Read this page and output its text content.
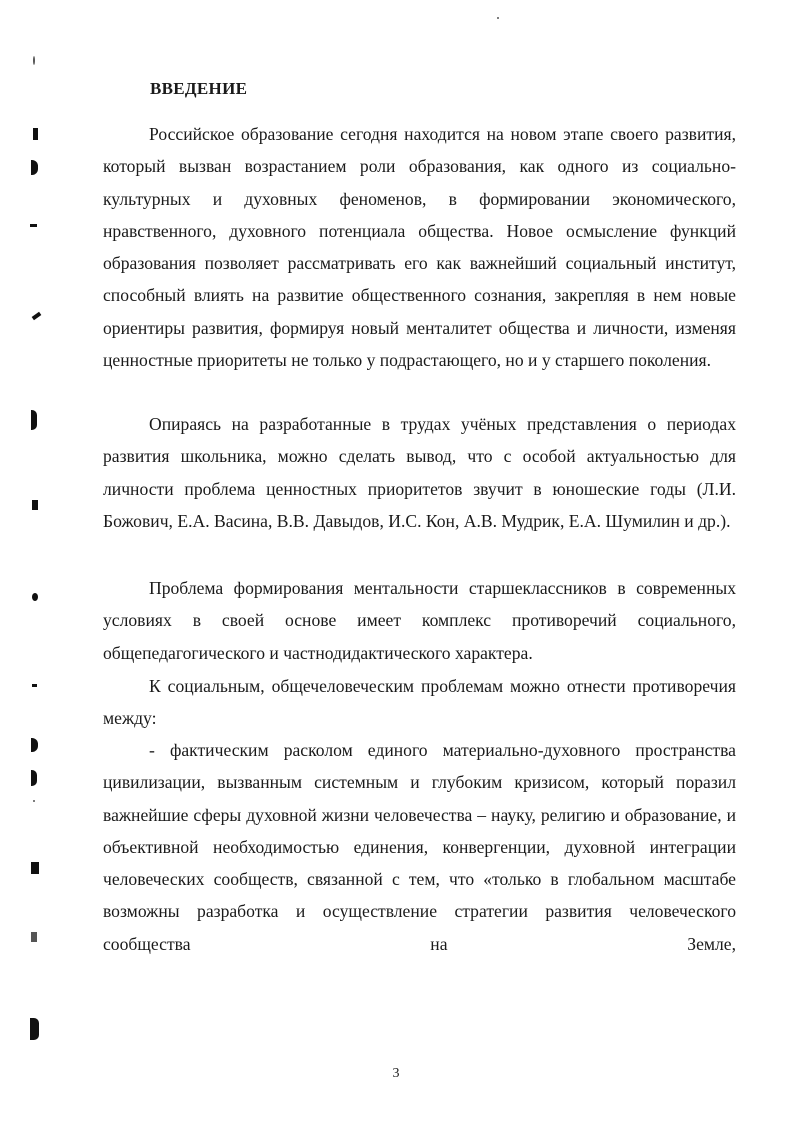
ВВЕДЕНИЕ
Российское образование сегодня находится на новом этапе своего развития, который вызван возрастанием роли образования, как одного из социально-культурных и духовных феноменов, в формировании экономического, нравственного, духовного потенциала общества. Новое осмысление функций образования позволяет рассматривать его как важнейший социальный институт, способный влиять на развитие общественного сознания, закрепляя в нем новые ориентиры развития, формируя новый менталитет общества и личности, изменяя ценностные приоритеты не только у подрастающего, но и у старшего поколения.
Опираясь на разработанные в трудах учёных представления о периодах развития школьника, можно сделать вывод, что с особой актуальностью для личности проблема ценностных приоритетов звучит в юношеские годы (Л.И. Божович, Е.А. Васина, В.В. Давыдов, И.С. Кон, А.В. Мудрик, Е.А. Шумилин и др.).
Проблема формирования ментальности старшеклассников в современных условиях в своей основе имеет комплекс противоречий социального, общепедагогического и частнодидактического характера.
К социальным, общечеловеческим проблемам можно отнести противоречия между:
- фактическим расколом единого материально-духовного пространства цивилизации, вызванным системным и глубоким кризисом, который поразил важнейшие сферы духовной жизни человечества – науку, религию и образование, и объективной необходимостью единения, конвергенции, духовной интеграции человеческих сообществ, связанной с тем, что «только в глобальном масштабе возможны разработка и осуществление стратегии развития человеческого сообщества на Земле,
3
